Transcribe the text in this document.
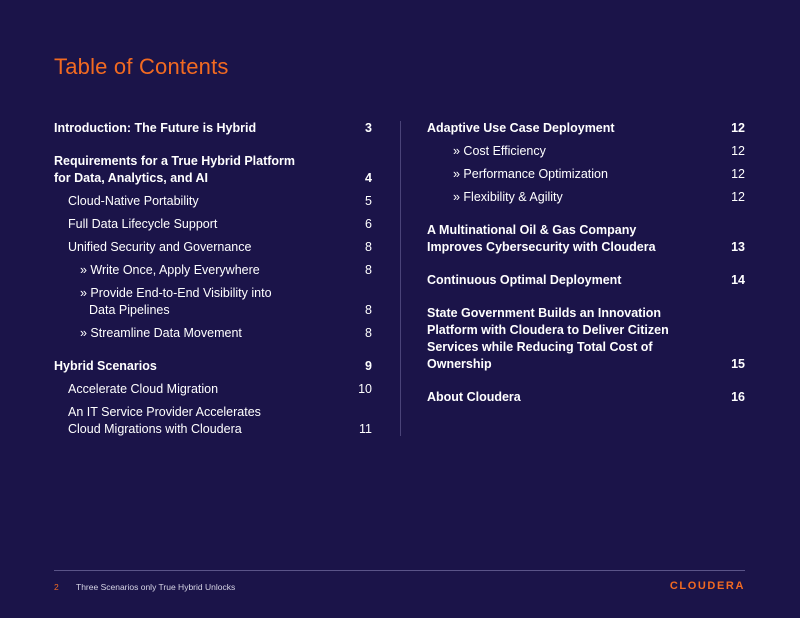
Table of Contents
Introduction: The Future is Hybrid	3
Requirements for a True Hybrid Platform for Data, Analytics, and AI	4
Cloud-Native Portability	5
Full Data Lifecycle Support	6
Unified Security and Governance	8
» Write Once, Apply Everywhere	8
» Provide End-to-End Visibility into Data Pipelines	8
» Streamline Data Movement	8
Hybrid Scenarios	9
Accelerate Cloud Migration	10
An IT Service Provider Accelerates Cloud Migrations with Cloudera	11
Adaptive Use Case Deployment	12
» Cost Efficiency	12
» Performance Optimization	12
» Flexibility & Agility	12
A Multinational Oil & Gas Company Improves Cybersecurity with Cloudera	13
Continuous Optimal Deployment	14
State Government Builds an Innovation Platform with Cloudera to Deliver Citizen Services while Reducing Total Cost of Ownership	15
About Cloudera	16
2 Three Scenarios only True Hybrid Unlocks	CLOUDERA
